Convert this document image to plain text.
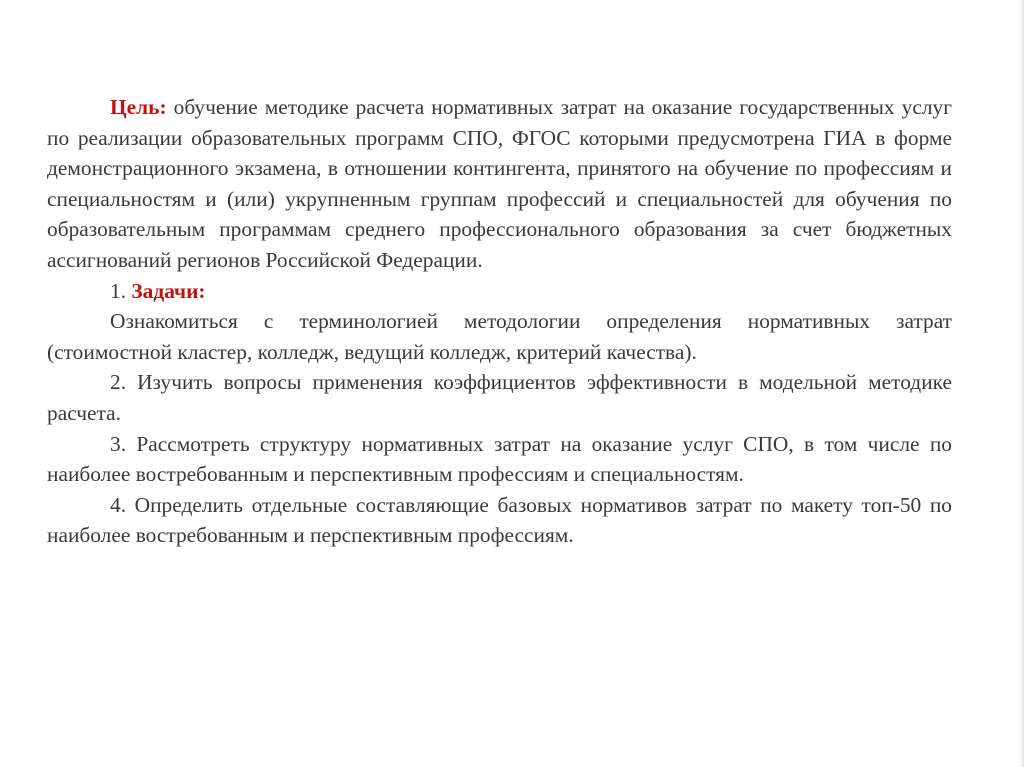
Цель: обучение методике расчета нормативных затрат на оказание государственных услуг по реализации образовательных программ СПО, ФГОС которыми предусмотрена ГИА в форме демонстрационного экзамена, в отношении контингента, принятого на обучение по профессиям и специальностям и (или) укрупненным группам профессий и специальностей для обучения по образовательным программам среднего профессионального образования за счет бюджетных ассигнований регионов Российской Федерации.

1. Задачи:

Ознакомиться с терминологией методологии определения нормативных затрат (стоимостной кластер, колледж, ведущий колледж, критерий качества).

2. Изучить вопросы применения коэффициентов эффективности в модельной методике расчета.

3. Рассмотреть структуру нормативных затрат на оказание услуг СПО, в том числе по наиболее востребованным и перспективным профессиям и специальностям.

4. Определить отдельные составляющие базовых нормативов затрат по макету топ-50 по наиболее востребованным и перспективным профессиям.
